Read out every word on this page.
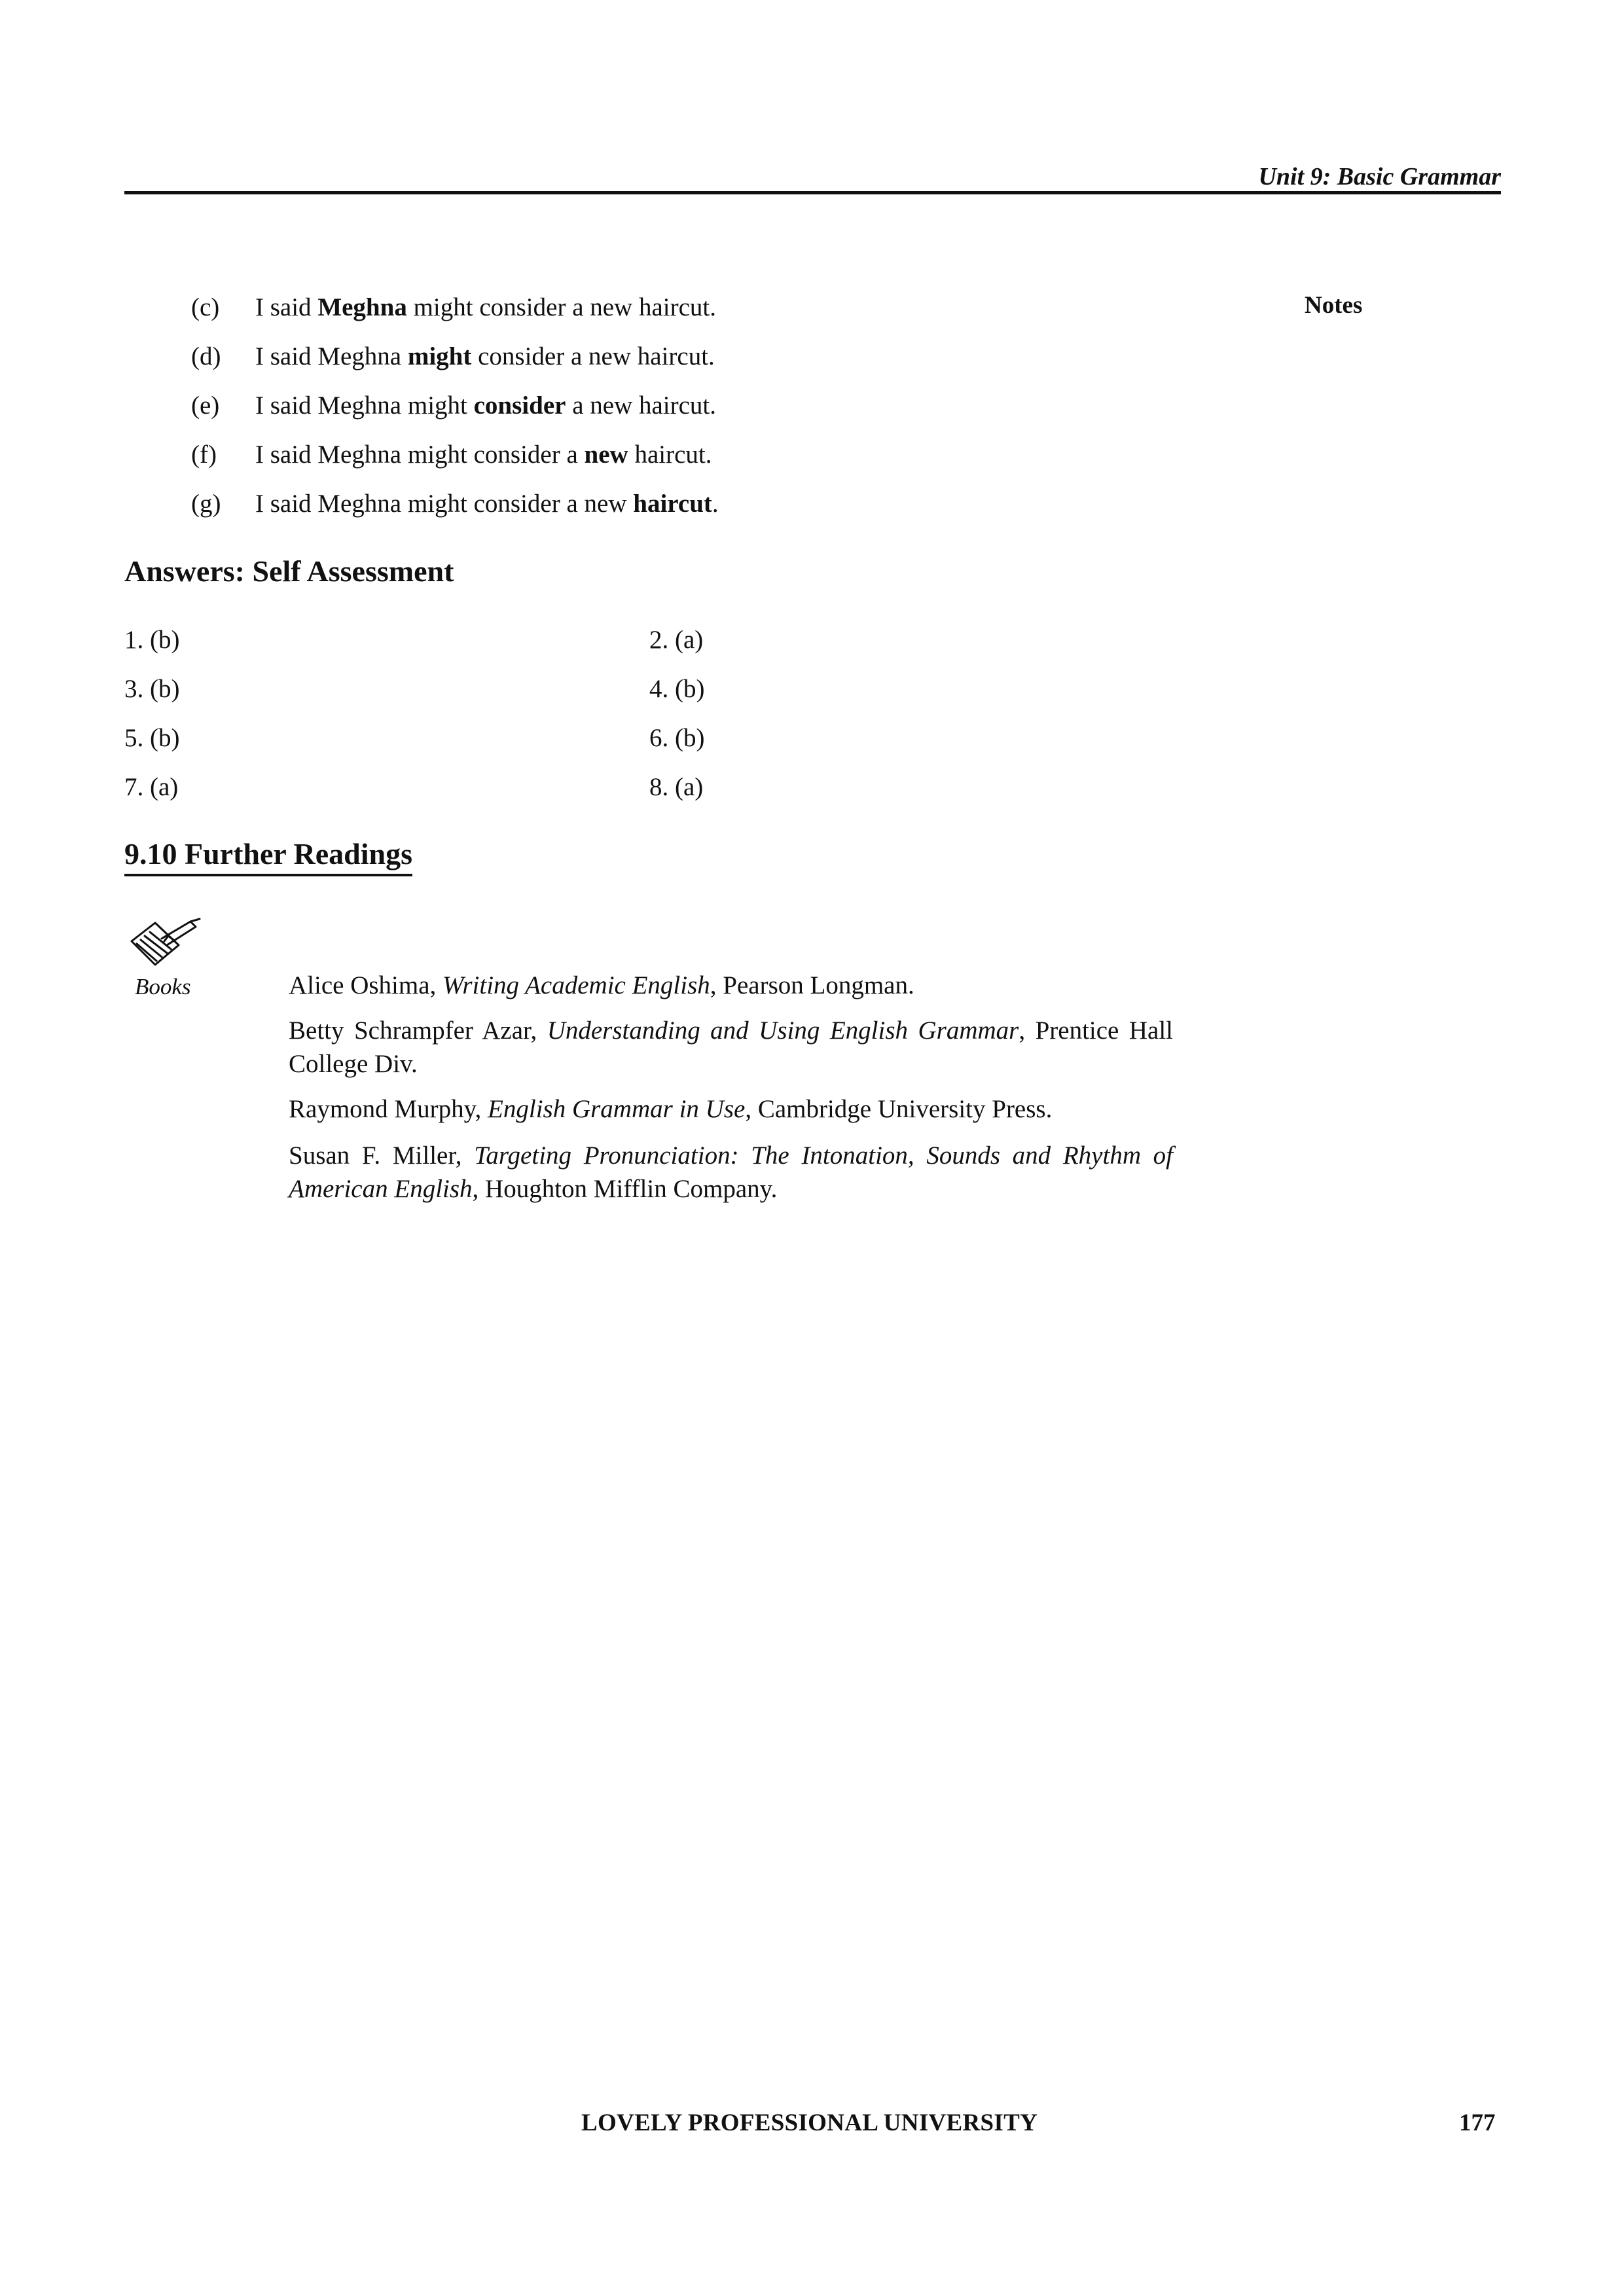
Unit 9: Basic Grammar
Notes
(c) I said Meghna might consider a new haircut.
(d) I said Meghna might consider a new haircut.
(e) I said Meghna might consider a new haircut.
(f) I said Meghna might consider a new haircut.
(g) I said Meghna might consider a new haircut.
Answers: Self Assessment
1. (b)	2. (a)
3. (b)	4. (b)
5. (b)	6. (b)
7. (a)	8. (a)
9.10 Further Readings
Books	Alice Oshima, Writing Academic English, Pearson Longman.
Betty Schrampfer Azar, Understanding and Using English Grammar, Prentice Hall College Div.
Raymond Murphy, English Grammar in Use, Cambridge University Press.
Susan F. Miller, Targeting Pronunciation: The Intonation, Sounds and Rhythm of American English, Houghton Mifflin Company.
LOVELY PROFESSIONAL UNIVERSITY	177
